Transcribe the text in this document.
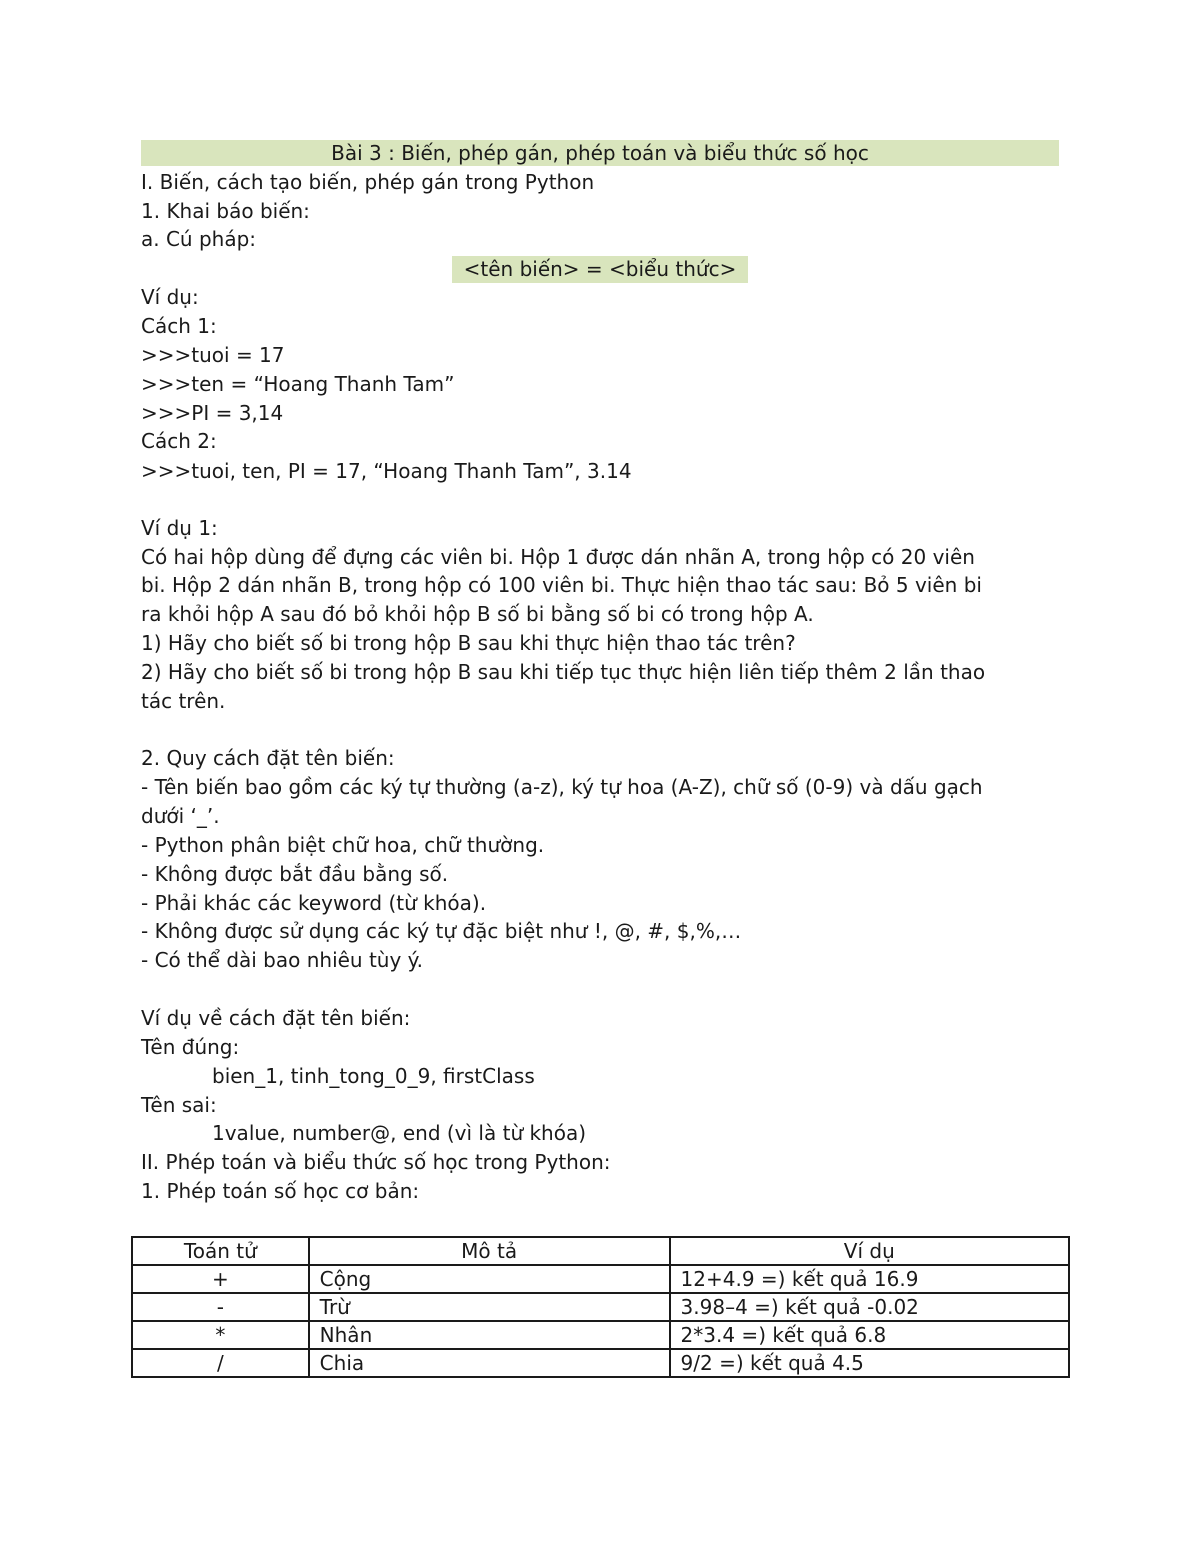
Bài 3 : Biến, phép gán, phép toán và biểu thức số học
I. Biến, cách tạo biến, phép gán trong Python
1. Khai báo biến:
a. Cú pháp:
<tên biến> = <biểu thức>
Ví dụ:
Cách 1:
>>>tuoi = 17
>>>ten = “Hoang Thanh Tam”
>>>PI = 3,14
Cách 2:
>>>tuoi, ten, PI = 17, “Hoang Thanh Tam”, 3.14
Ví dụ 1:
Có hai hộp dùng để đựng các viên bi. Hộp 1 được dán nhãn A, trong hộp có 20 viên
bi. Hộp 2 dán nhãn B, trong hộp có 100 viên bi. Thực hiện thao tác sau: Bỏ 5 viên bi
ra khỏi hộp A sau đó bỏ khỏi hộp B số bi bằng số bi có trong hộp A.
1) Hãy cho biết số bi trong hộp B sau khi thực hiện thao tác trên?
2) Hãy cho biết số bi trong hộp B sau khi tiếp tục thực hiện liên tiếp thêm 2 lần thao
tác trên.
2. Quy cách đặt tên biến:
- Tên biến bao gồm các ký tự thường (a-z), ký tự hoa (A-Z), chữ số (0-9) và dấu gạch
dưới ‘_’.
- Python phân biệt chữ hoa, chữ thường.
- Không được bắt đầu bằng số.
- Phải khác các keyword (từ khóa).
- Không được sử dụng các ký tự đặc biệt như !, @, #, $,%,…
- Có thể dài bao nhiêu tùy ý.
Ví dụ về cách đặt tên biến:
Tên đúng:
bien_1, tinh_tong_0_9, firstClass
Tên sai:
1value, number@, end (vì là từ khóa)
II. Phép toán và biểu thức số học trong Python:
1. Phép toán số học cơ bản:
Toán tử	Mô tả	Ví dụ
+	Cộng	12+4.9 =) kết quả 16.9
-	Trừ	3.98–4 =) kết quả -0.02
*	Nhân	2*3.4 =) kết quả 6.8
/	Chia	9/2 =) kết quả 4.5
